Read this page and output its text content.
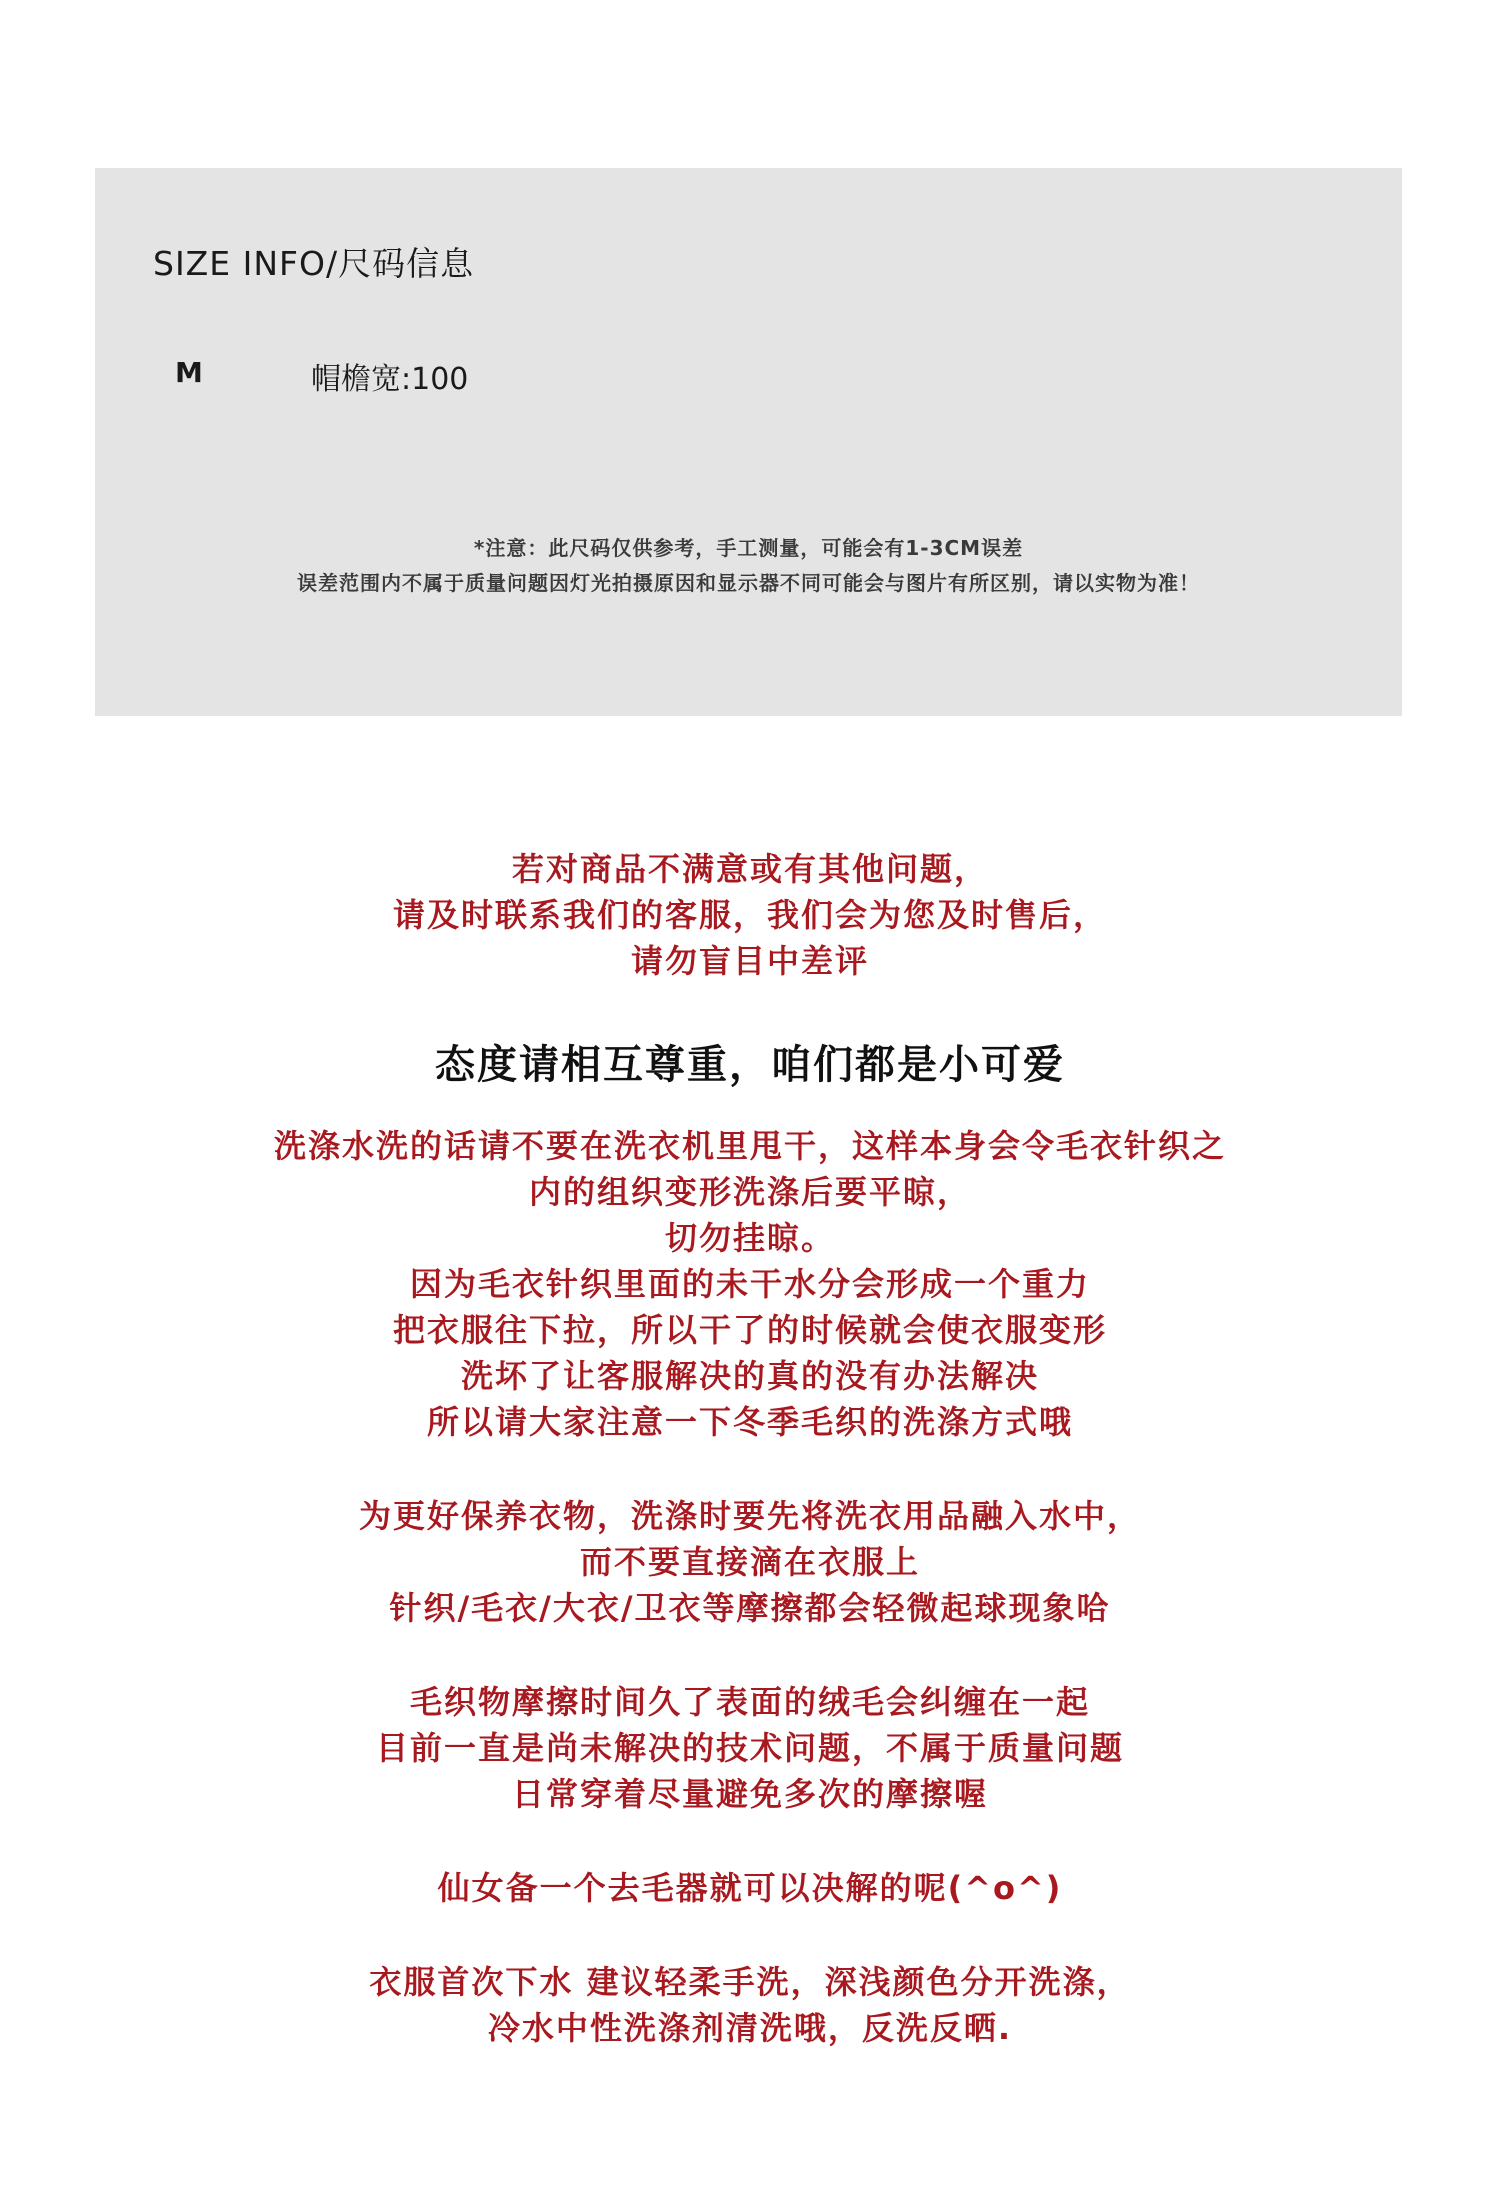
SIZE INFO/尺码信息
M	帽檐宽:100
*注意：此尺码仅供参考，手工测量，可能会有1-3CM误差
误差范围内不属于质量问题因灯光拍摄原因和显示器不同可能会与图片有所区别，请以实物为准！
若对商品不满意或有其他问题，
请及时联系我们的客服，我们会为您及时售后，
请勿盲目中差评
态度请相互尊重，咱们都是小可爱
洗涤水洗的话请不要在洗衣机里甩干，这样本身会令毛衣针织之
内的组织变形洗涤后要平晾，
切勿挂晾。
因为毛衣针织里面的未干水分会形成一个重力
把衣服往下拉，所以干了的时候就会使衣服变形
洗坏了让客服解决的真的没有办法解决
所以请大家注意一下冬季毛织的洗涤方式哦
为更好保养衣物，洗涤时要先将洗衣用品融入水中，
而不要直接滴在衣服上
针织/毛衣/大衣/卫衣等摩擦都会轻微起球现象哈
毛织物摩擦时间久了表面的绒毛会纠缠在一起
目前一直是尚未解决的技术问题，不属于质量问题
日常穿着尽量避免多次的摩擦喔
仙女备一个去毛器就可以决解的呢(^o^)
衣服首次下水 建议轻柔手洗，深浅颜色分开洗涤，
冷水中性洗涤剂清洗哦，反洗反晒.
